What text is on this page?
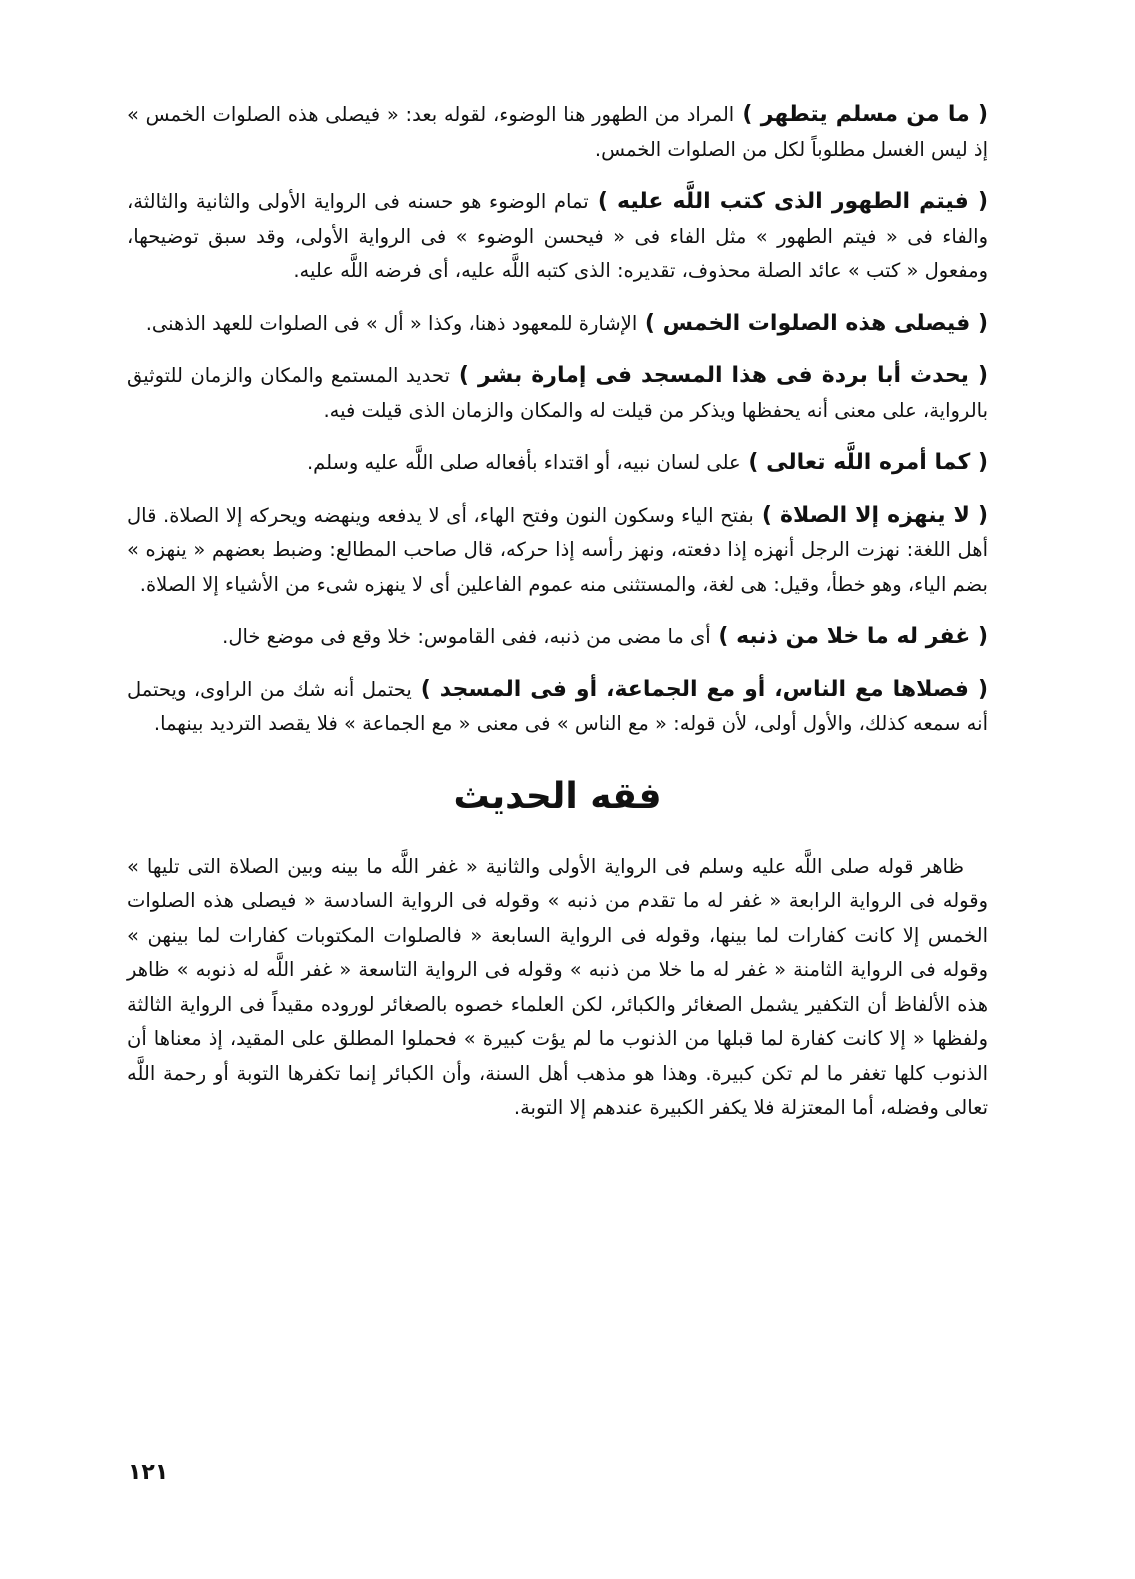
( ما من مسلم يتطهر ) المراد من الطهور هنا الوضوء، لقوله بعد: « فيصلى هذه الصلوات الخمس » إذ ليس الغسل مطلوباً لكل من الصلوات الخمس.

( فيتم الطهور الذى كتب اللَّه عليه ) تمام الوضوء هو حسنه فى الرواية الأولى والثانية والثالثة، والفاء فى « فيتم الطهور » مثل الفاء فى « فيحسن الوضوء » فى الرواية الأولى، وقد سبق توضيحها، ومفعول « كتب » عائد الصلة محذوف، تقديره: الذى كتبه اللَّه عليه، أى فرضه اللَّه عليه.

( فيصلى هذه الصلوات الخمس ) الإشارة للمعهود ذهنا، وكذا « أل » فى الصلوات للعهد الذهنى.

( يحدث أبا بردة فى هذا المسجد فى إمارة بشر ) تحديد المستمع والمكان والزمان للتوثيق بالرواية، على معنى أنه يحفظها ويذكر من قيلت له والمكان والزمان الذى قيلت فيه.

( كما أمره اللَّه تعالى ) على لسان نبيه، أو اقتداء بأفعاله صلى اللَّه عليه وسلم.

( لا ينهزه إلا الصلاة ) بفتح الياء وسكون النون وفتح الهاء، أى لا يدفعه وينهضه ويحركه إلا الصلاة. قال أهل اللغة: نهزت الرجل أنهزه إذا دفعته، ونهز رأسه إذا حركه، قال صاحب المطالع: وضبط بعضهم « ينهزه » بضم الياء، وهو خطأ، وقيل: هى لغة، والمستثنى منه عموم الفاعلين أى لا ينهزه شىء من الأشياء إلا الصلاة.

( غفر له ما خلا من ذنبه ) أى ما مضى من ذنبه، ففى القاموس: خلا وقع فى موضع خال.

( فصلاها مع الناس، أو مع الجماعة، أو فى المسجد ) يحتمل أنه شك من الراوى، ويحتمل أنه سمعه كذلك، والأول أولى، لأن قوله: « مع الناس » فى معنى « مع الجماعة » فلا يقصد الترديد بينهما.

فقه الحديث

ظاهر قوله صلى اللَّه عليه وسلم فى الرواية الأولى والثانية « غفر اللَّه ما بينه وبين الصلاة التى تليها » وقوله فى الرواية الرابعة « غفر له ما تقدم من ذنبه » وقوله فى الرواية السادسة « فيصلى هذه الصلوات الخمس إلا كانت كفارات لما بينها، وقوله فى الرواية السابعة « فالصلوات المكتوبات كفارات لما بينهن » وقوله فى الرواية الثامنة « غفر له ما خلا من ذنبه » وقوله فى الرواية التاسعة « غفر اللَّه له ذنوبه » ظاهر هذه الألفاظ أن التكفير يشمل الصغائر والكبائر، لكن العلماء خصوه بالصغائر لوروده مقيداً فى الرواية الثالثة ولفظها « إلا كانت كفارة لما قبلها من الذنوب ما لم يؤت كبيرة » فحملوا المطلق على المقيد، إذ معناها أن الذنوب كلها تغفر ما لم تكن كبيرة. وهذا هو مذهب أهل السنة، وأن الكبائر إنما تكفرها التوبة أو رحمة اللَّه تعالى وفضله، أما المعتزلة فلا يكفر الكبيرة عندهم إلا التوبة.

١٢١
